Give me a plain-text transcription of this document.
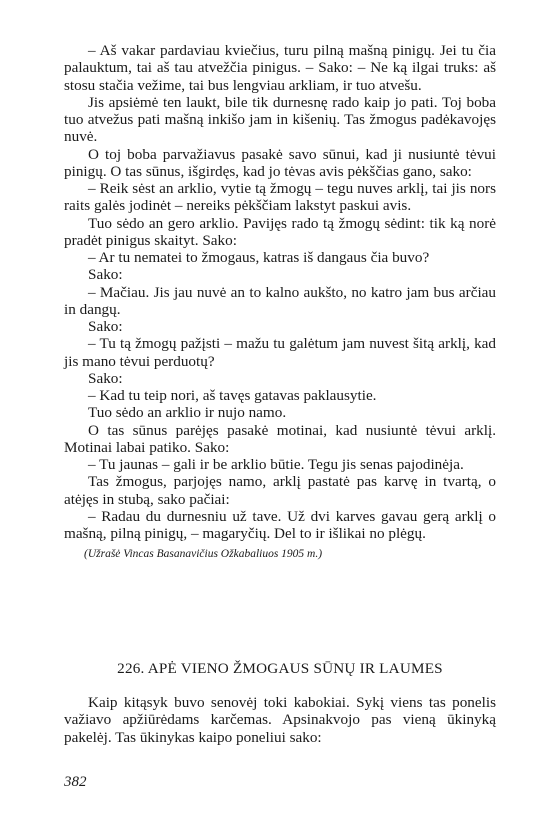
– Aš vakar pardaviau kviečius, turu pilną mašną pinigų. Jei tu čia palauktum, tai aš tau atvežčia pinigus. – Sako: – Ne ką ilgai truks: aš stosu stačia vežime, tai bus lengviau arkliam, ir tuo atvešu.

Jis apsiėmė ten laukt, bile tik durnesnę rado kaip jo pati. Toj boba tuo atvežus pati mašną inkišo jam in kišenių. Tas žmogus padėkavojęs nuvė.

O toj boba parvažiavus pasakė savo sūnui, kad ji nusiuntė tėvui pinigų. O tas sūnus, išgirdęs, kad jo tėvas avis pėkščias gano, sako:

– Reik sėst an arklio, vytie tą žmogų – tegu nuves arklį, tai jis nors raits galės jodinėt – nereiks pėkščiam lakstyt paskui avis.

Tuo sėdo an gero arklio. Pavijęs rado tą žmogų sėdint: tik ką norė pradėt pinigus skaityt. Sako:

– Ar tu nematei to žmogaus, katras iš dangaus čia buvo?

Sako:

– Mačiau. Jis jau nuvė an to kalno aukšto, no katro jam bus arčiau in dangų.

Sako:

– Tu tą žmogų pažįsti – mažu tu galėtum jam nuvest šitą arklį, kad jis mano tėvui perduotų?

Sako:

– Kad tu teip nori, aš tavęs gatavas paklausytie.

Tuo sėdo an arklio ir nujo namo.

O tas sūnus parėjęs pasakė motinai, kad nusiuntė tėvui arklį. Motinai labai patiko. Sako:

– Tu jaunas – gali ir be arklio būtie. Tegu jis senas pajodinėja.

Tas žmogus, parjojęs namo, arklį pastatė pas karvę in tvartą, o atėjęs in stubą, sako pačiai:

– Radau du durnesniu už tave. Už dvi karves gavau gerą arklį o mašną, pilną pinigų, – magaryčių. Del to ir išlikai no plėgų.

(Užrašė Vincas Basanavičius Ožkabaliuos 1905 m.)

226. APĖ VIENO ŽMOGAUS SŪNŲ IR LAUMES

Kaip kitąsyk buvo senovėj toki kabokiai. Sykį viens tas ponelis važiavo apžiūrėdams karčemas. Apsinakvojo pas vieną ūkinyką pakelėj. Tas ūkinykas kaipo poneliui sako:

382
